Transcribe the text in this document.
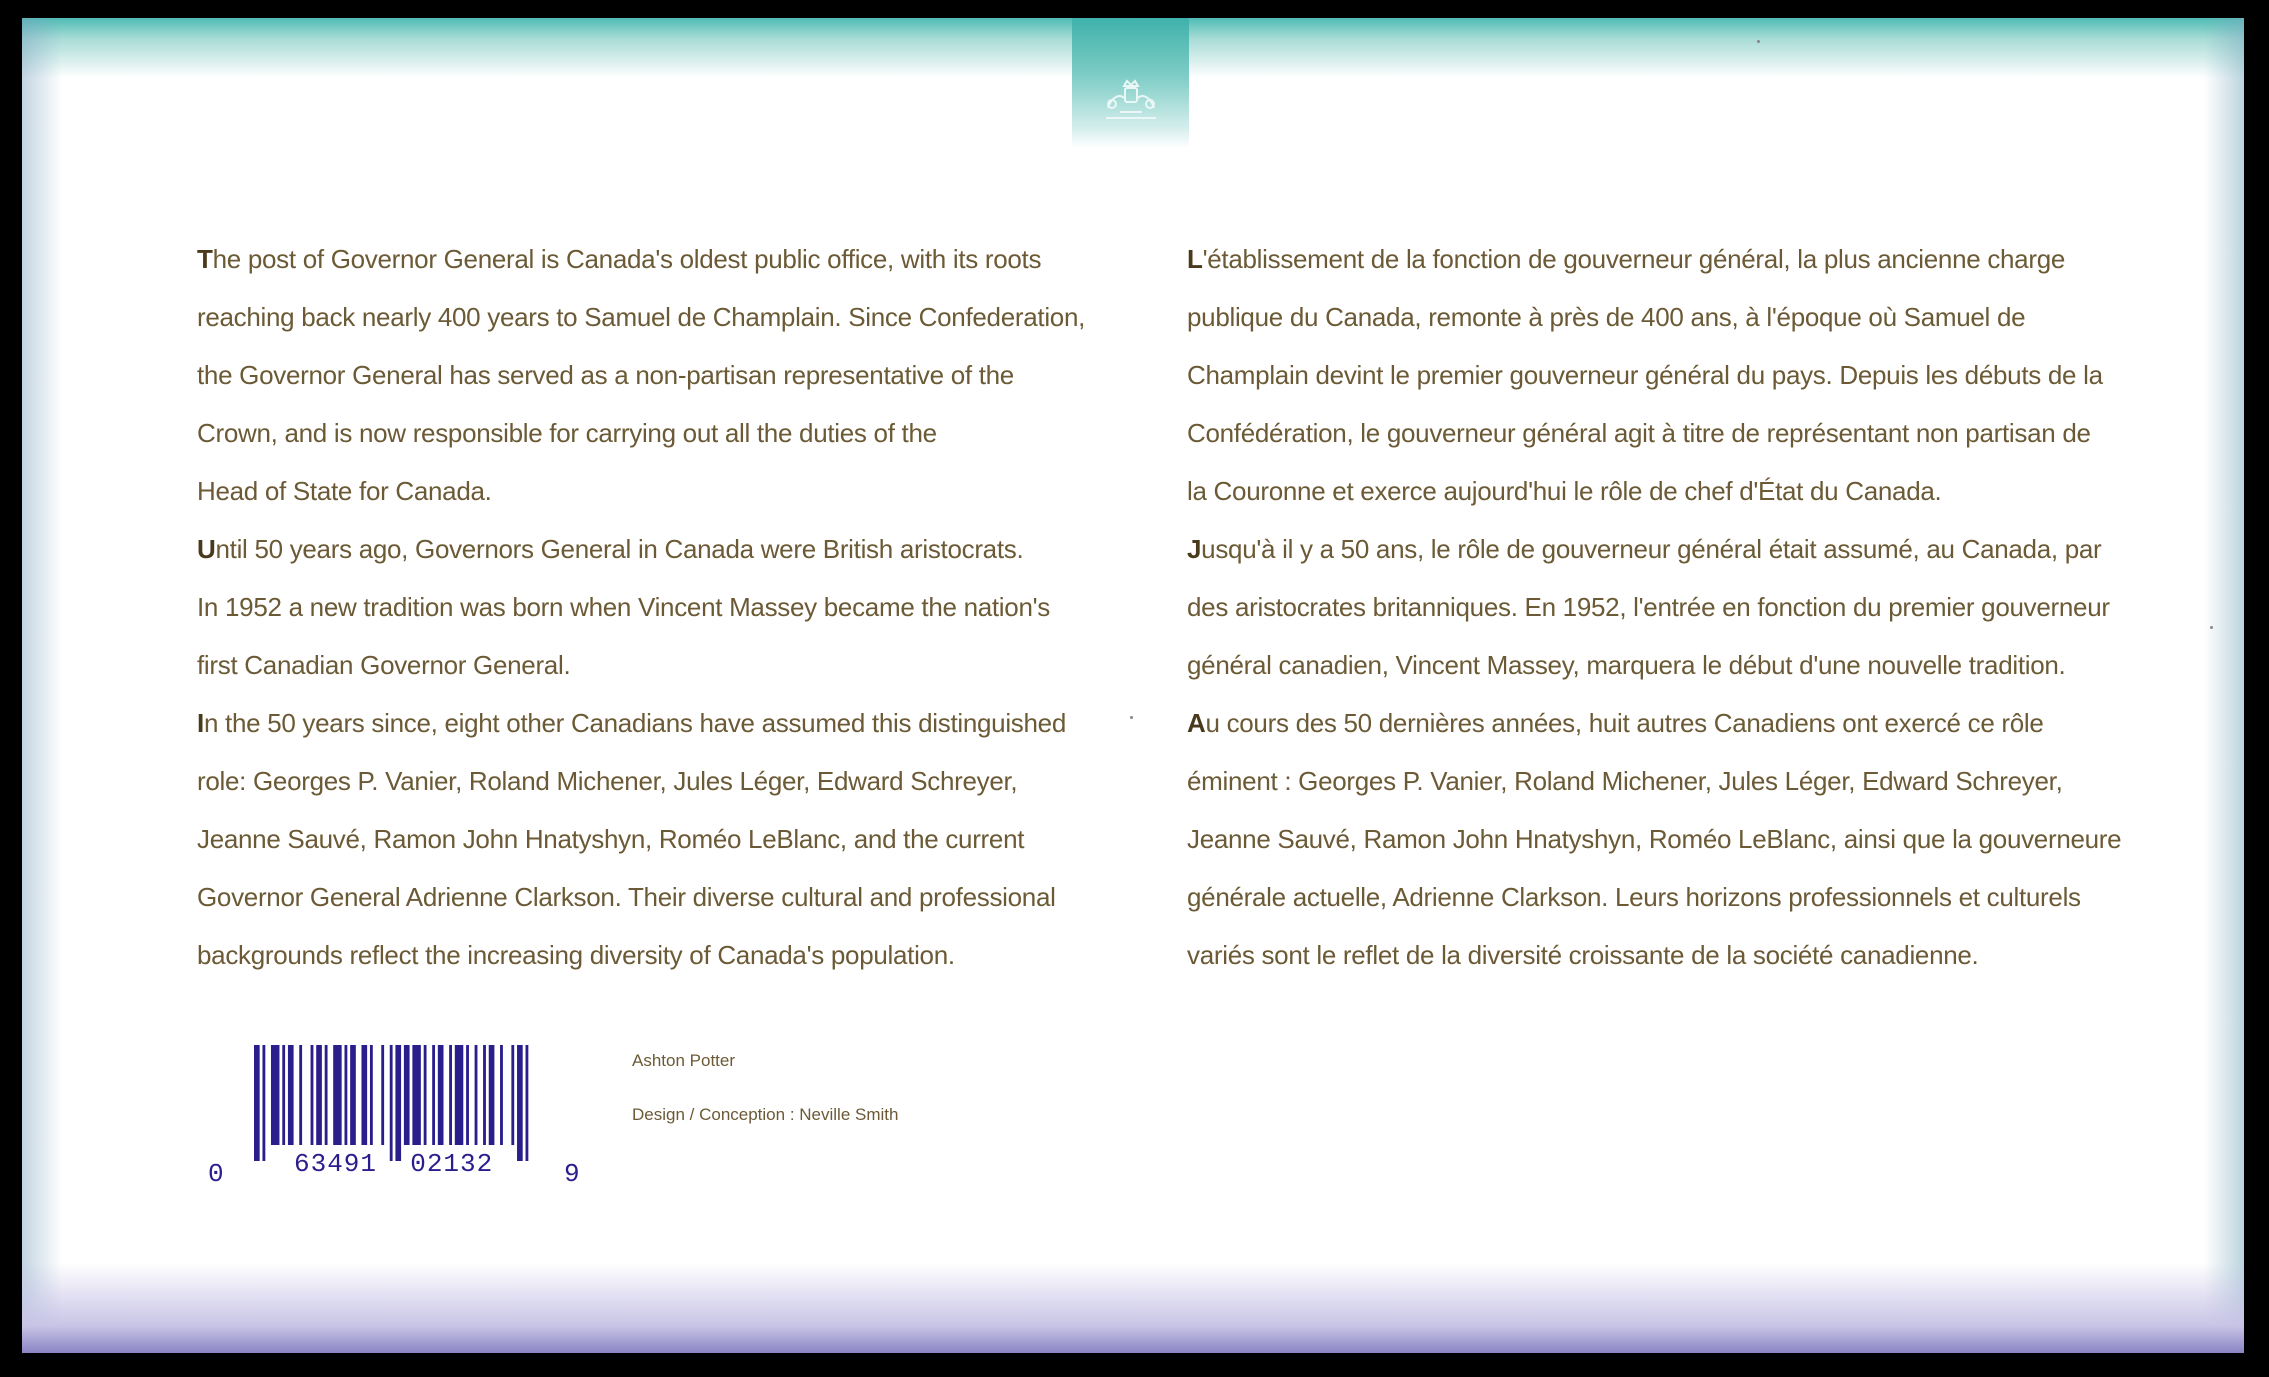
The post of Governor General is Canada's oldest public office, with its roots
reaching back nearly 400 years to Samuel de Champlain. Since Confederation,
the Governor General has served as a non-partisan representative of the
Crown, and is now responsible for carrying out all the duties of the
Head of State for Canada.

Until 50 years ago, Governors General in Canada were British aristocrats.
In 1952 a new tradition was born when Vincent Massey became the nation's
first Canadian Governor General.

In the 50 years since, eight other Canadians have assumed this distinguished
role: Georges P. Vanier, Roland Michener, Jules Léger, Edward Schreyer,
Jeanne Sauvé, Ramon John Hnatyshyn, Roméo LeBlanc, and the current
Governor General Adrienne Clarkson. Their diverse cultural and professional
backgrounds reflect the increasing diversity of Canada's population.

L'établissement de la fonction de gouverneur général, la plus ancienne charge
publique du Canada, remonte à près de 400 ans, à l'époque où Samuel de
Champlain devint le premier gouverneur général du pays. Depuis les débuts de la
Confédération, le gouverneur général agit à titre de représentant non partisan de
la Couronne et exerce aujourd'hui le rôle de chef d'État du Canada.

Jusqu'à il y a 50 ans, le rôle de gouverneur général était assumé, au Canada, par
des aristocrates britanniques. En 1952, l'entrée en fonction du premier gouverneur
général canadien, Vincent Massey, marquera le début d'une nouvelle tradition.

Au cours des 50 dernières années, huit autres Canadiens ont exercé ce rôle
éminent : Georges P. Vanier, Roland Michener, Jules Léger, Edward Schreyer,
Jeanne Sauvé, Ramon John Hnatyshyn, Roméo LeBlanc, ainsi que la gouverneure
générale actuelle, Adrienne Clarkson. Leurs horizons professionnels et culturels
variés sont le reflet de la diversité croissante de la société canadienne.

0	63491  02132	9
Ashton Potter
Design / Conception : Neville Smith
